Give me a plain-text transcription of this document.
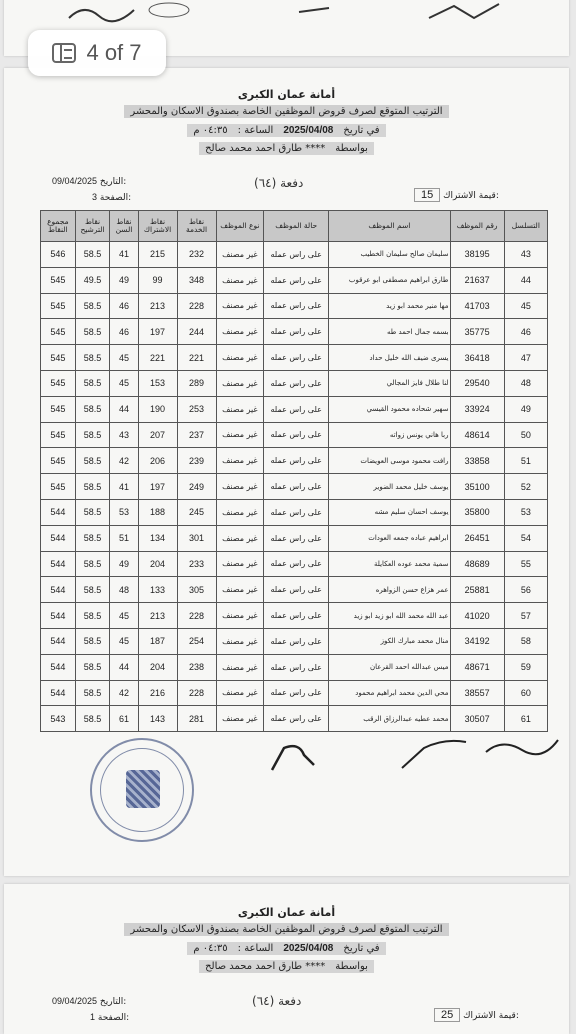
4 of 7
أمانة عمان الكبرى
الترتيب المتوقع لصرف قروض الموظفين الخاصة بصندوق الاسكان والمحشر
في تاريخ
2025/04/08
الساعة :
٠٤:٣٥ م
بواسطة
**** طارق احمد محمد صالح
09/04/2025 التاريخ:
3 الصفحة:
دفعة (٦٤)
15 قيمة الاشتراك:
التسلسل	رقم الموظف	اسم الموظف	حالة الموظف	نوع الموظف	نقاط الخدمة	نقاط الاشتراك	نقاط السن	نقاط الترشيح	مجموع النقاط
43	38195	سليمان صالح سليمان الخطيب	على راس عمله	غير مصنف	232	215	41	58.5	546
44	21637	طارق ابراهيم مصطفى ابو عرقوب	على راس عمله	غير مصنف	348	99	49	49.5	545
45	41703	مها منير محمد ابو زيد	على راس عمله	غير مصنف	228	213	46	58.5	545
46	35775	بسمه جمال احمد طه	على راس عمله	غير مصنف	244	197	46	58.5	545
47	36418	يسرى ضيف الله خليل حداد	على راس عمله	غير مصنف	221	221	45	58.5	545
48	29540	لنا طلال فايز المجالي	على راس عمله	غير مصنف	289	153	45	58.5	545
49	33924	سهير شحاده محمود القيسي	على راس عمله	غير مصنف	253	190	44	58.5	545
50	48614	ربا هاني يونس زواته	على راس عمله	غير مصنف	237	207	43	58.5	545
51	33858	رافت محمود موسى العويضات	على راس عمله	غير مصنف	239	206	42	58.5	545
52	35100	يوسف خليل محمد الضوير	على راس عمله	غير مصنف	249	197	41	58.5	545
53	35800	يوسف احسان سليم مشه	على راس عمله	غير مصنف	245	188	53	58.5	544
54	26451	ابراهيم عباده جمعه العودات	على راس عمله	غير مصنف	301	134	51	58.5	544
55	48689	سمية محمد عوده العكايلة	على راس عمله	غير مصنف	233	204	49	58.5	544
56	25881	عمر هزاع حسن الزواهره	على راس عمله	غير مصنف	305	133	48	58.5	544
57	41020	عبد الله محمد الله ابو زيد ابو زيد	على راس عمله	غير مصنف	228	213	45	58.5	544
58	34192	منال محمد مبارك الكوز	على راس عمله	غير مصنف	254	187	45	58.5	544
59	48671	ميس عبدالله احمد القرعان	على راس عمله	غير مصنف	238	204	44	58.5	544
60	38557	محي الدين محمد ابراهيم محمود	على راس عمله	غير مصنف	228	216	42	58.5	544
61	30507	محمد عطيه عبدالرزاق الرقب	على راس عمله	غير مصنف	281	143	61	58.5	543
أمانة عمان الكبرى
الترتيب المتوقع لصرف قروض الموظفين الخاصة بصندوق الاسكان والمحشر
في تاريخ
2025/04/08
الساعة :
٠٤:٣٥ م
بواسطة
**** طارق احمد محمد صالح
09/04/2025 التاريخ:
1 الصفحة:
دفعة (٦٤)
25 قيمة الاشتراك:
